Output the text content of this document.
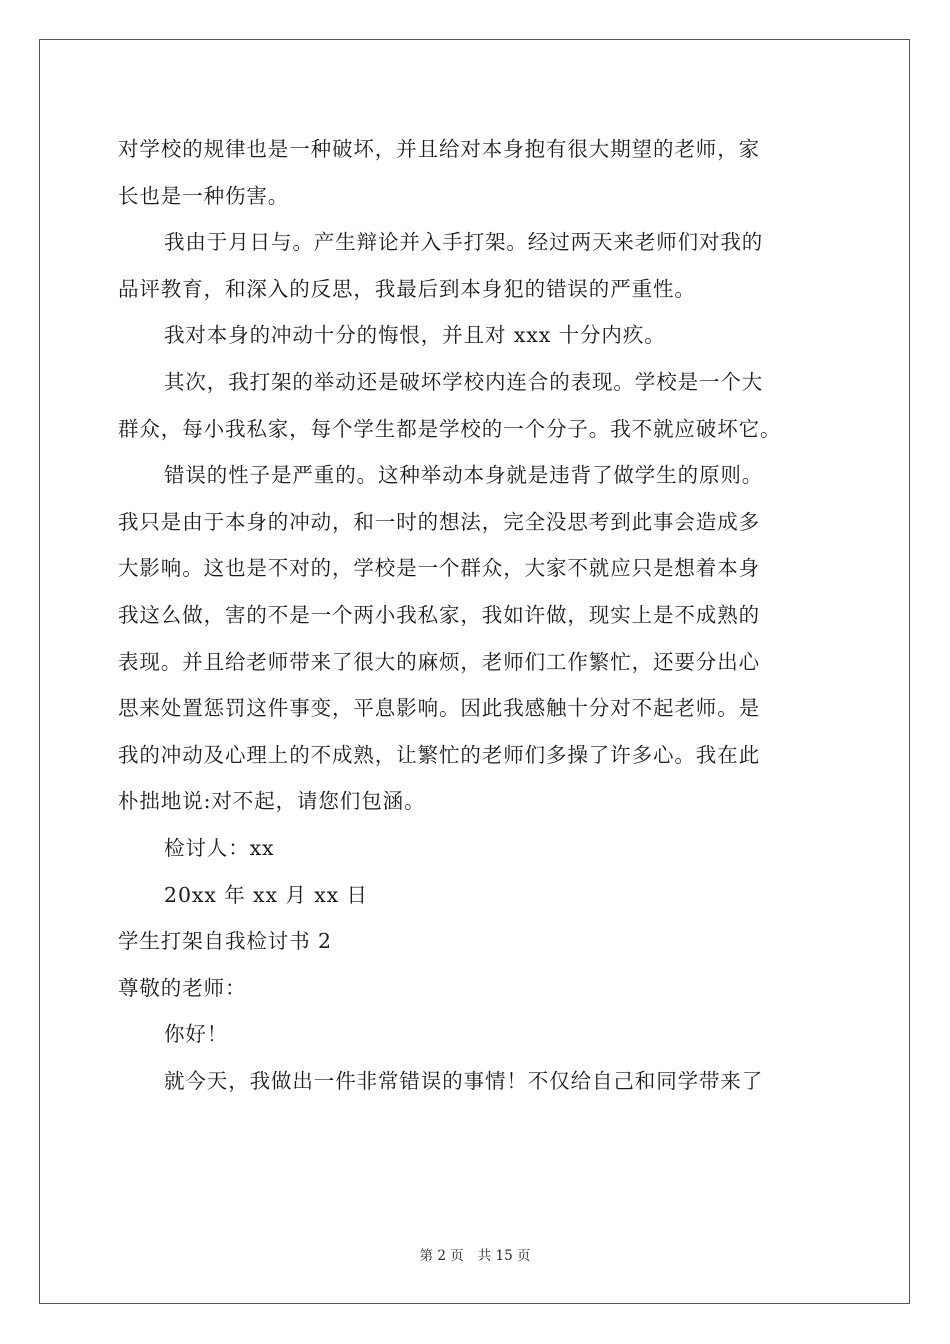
对学校的规律也是一种破坏，并且给对本身抱有很大期望的老师，家
长也是一种伤害。
我由于月日与。产生辩论并入手打架。经过两天来老师们对我的
品评教育，和深入的反思，我最后到本身犯的错误的严重性。
我对本身的冲动十分的悔恨，并且对 xxx 十分内疚。
其次，我打架的举动还是破坏学校内连合的表现。学校是一个大
群众，每小我私家，每个学生都是学校的一个分子。我不就应破坏它。
错误的性子是严重的。这种举动本身就是违背了做学生的原则。
我只是由于本身的冲动，和一时的想法，完全没思考到此事会造成多
大影响。这也是不对的，学校是一个群众，大家不就应只是想着本身
我这么做，害的不是一个两小我私家，我如许做，现实上是不成熟的
表现。并且给老师带来了很大的麻烦，老师们工作繁忙，还要分出心
思来处置惩罚这件事变，平息影响。因此我感触十分对不起老师。是
我的冲动及心理上的不成熟，让繁忙的老师们多操了许多心。我在此
朴拙地说:对不起，请您们包涵。
检讨人：xx
20xx 年 xx 月 xx 日
学生打架自我检讨书 2
尊敬的老师：
你好！
就今天，我做出一件非常错误的事情！不仅给自己和同学带来了
第 2 页 共 15 页
